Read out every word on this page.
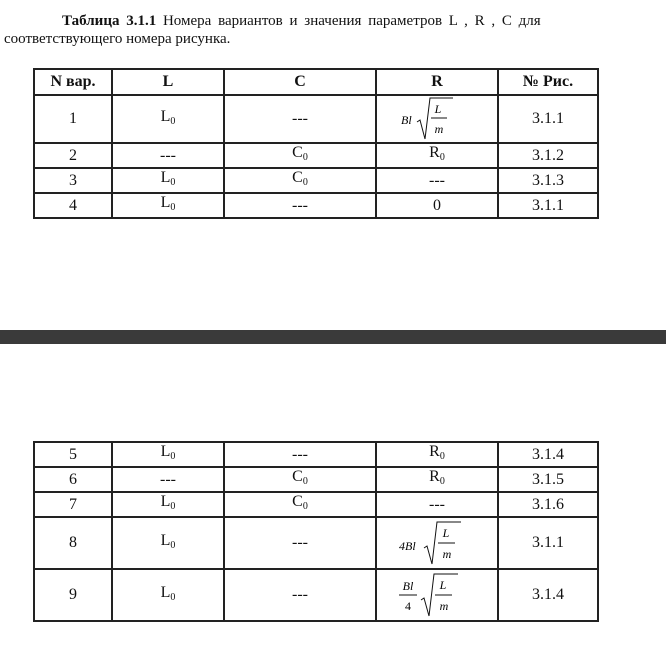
Таблица 3.1.1 Номера вариантов и значения параметров L , R , C для
соответствующего номера рисунка.
N вар.	L	C	R	№ Рис.
1	$L_0$	---	Bl
L
m	3.1.1
2	---	$C_0$	$R_0$	3.1.2
3	$L_0$	$C_0$	---	3.1.3
4	$L_0$	---	0	3.1.1
5	$L_0$	---	$R_0$	3.1.4
6	---	$C_0$	$R_0$	3.1.5
7	$L_0$	$C_0$	---	3.1.6
8	$L_0$	---	4Bl
L
m	3.1.1
9	$L_0$	---	Bl
4
L
m	3.1.4
